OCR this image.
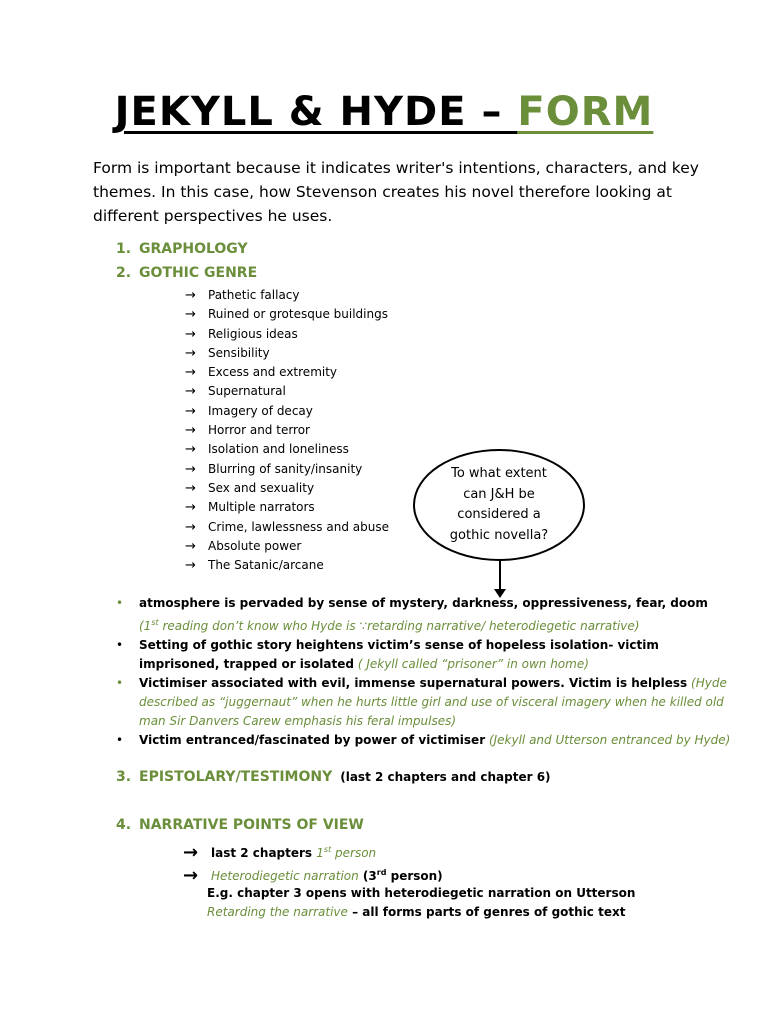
JEKYLL & HYDE – FORM

Form is important because it indicates writer's intentions, characters, and key

themes. In this case, how Stevenson creates his novel therefore looking at

different perspectives he uses.

1. GRAPHOLOGY
2. GOTHIC GENRE
→ Pathetic fallacy
→ Ruined or grotesque buildings
→ Religious ideas
→ Sensibility
→ Excess and extremity
→ Supernatural
→ Imagery of decay
→ Horror and terror
→ Isolation and loneliness
→ Blurring of sanity/insanity
→ Sex and sexuality
→ Multiple narrators
→ Crime, lawlessness and abuse
→ Absolute power
→ The Satanic/arcane
To what extent can J&H be considered a gothic novella?
• atmosphere is pervaded by sense of mystery, darkness, oppressiveness, fear, doom
(1st reading don’t know who Hyde is ∵retarding narrative/ heterodiegetic narrative)
• Setting of gothic story heightens victim’s sense of hopeless isolation- victim imprisoned, trapped or isolated ( Jekyll called “prisoner” in own home)
• Victimiser associated with evil, immense supernatural powers. Victim is helpless (Hyde described as “juggernaut” when he hurts little girl and use of visceral imagery when he killed old man Sir Danvers Carew emphasis his feral impulses)
• Victim entranced/fascinated by power of victimiser (Jekyll and Utterson entranced by Hyde)
3. EPISTOLARY/TESTIMONY (last 2 chapters and chapter 6)
4. NARRATIVE POINTS OF VIEW
→ last 2 chapters 1st person
→ Heterodiegetic narration (3rd person)
E.g. chapter 3 opens with heterodiegetic narration on Utterson
Retarding the narrative – all forms parts of genres of gothic text
